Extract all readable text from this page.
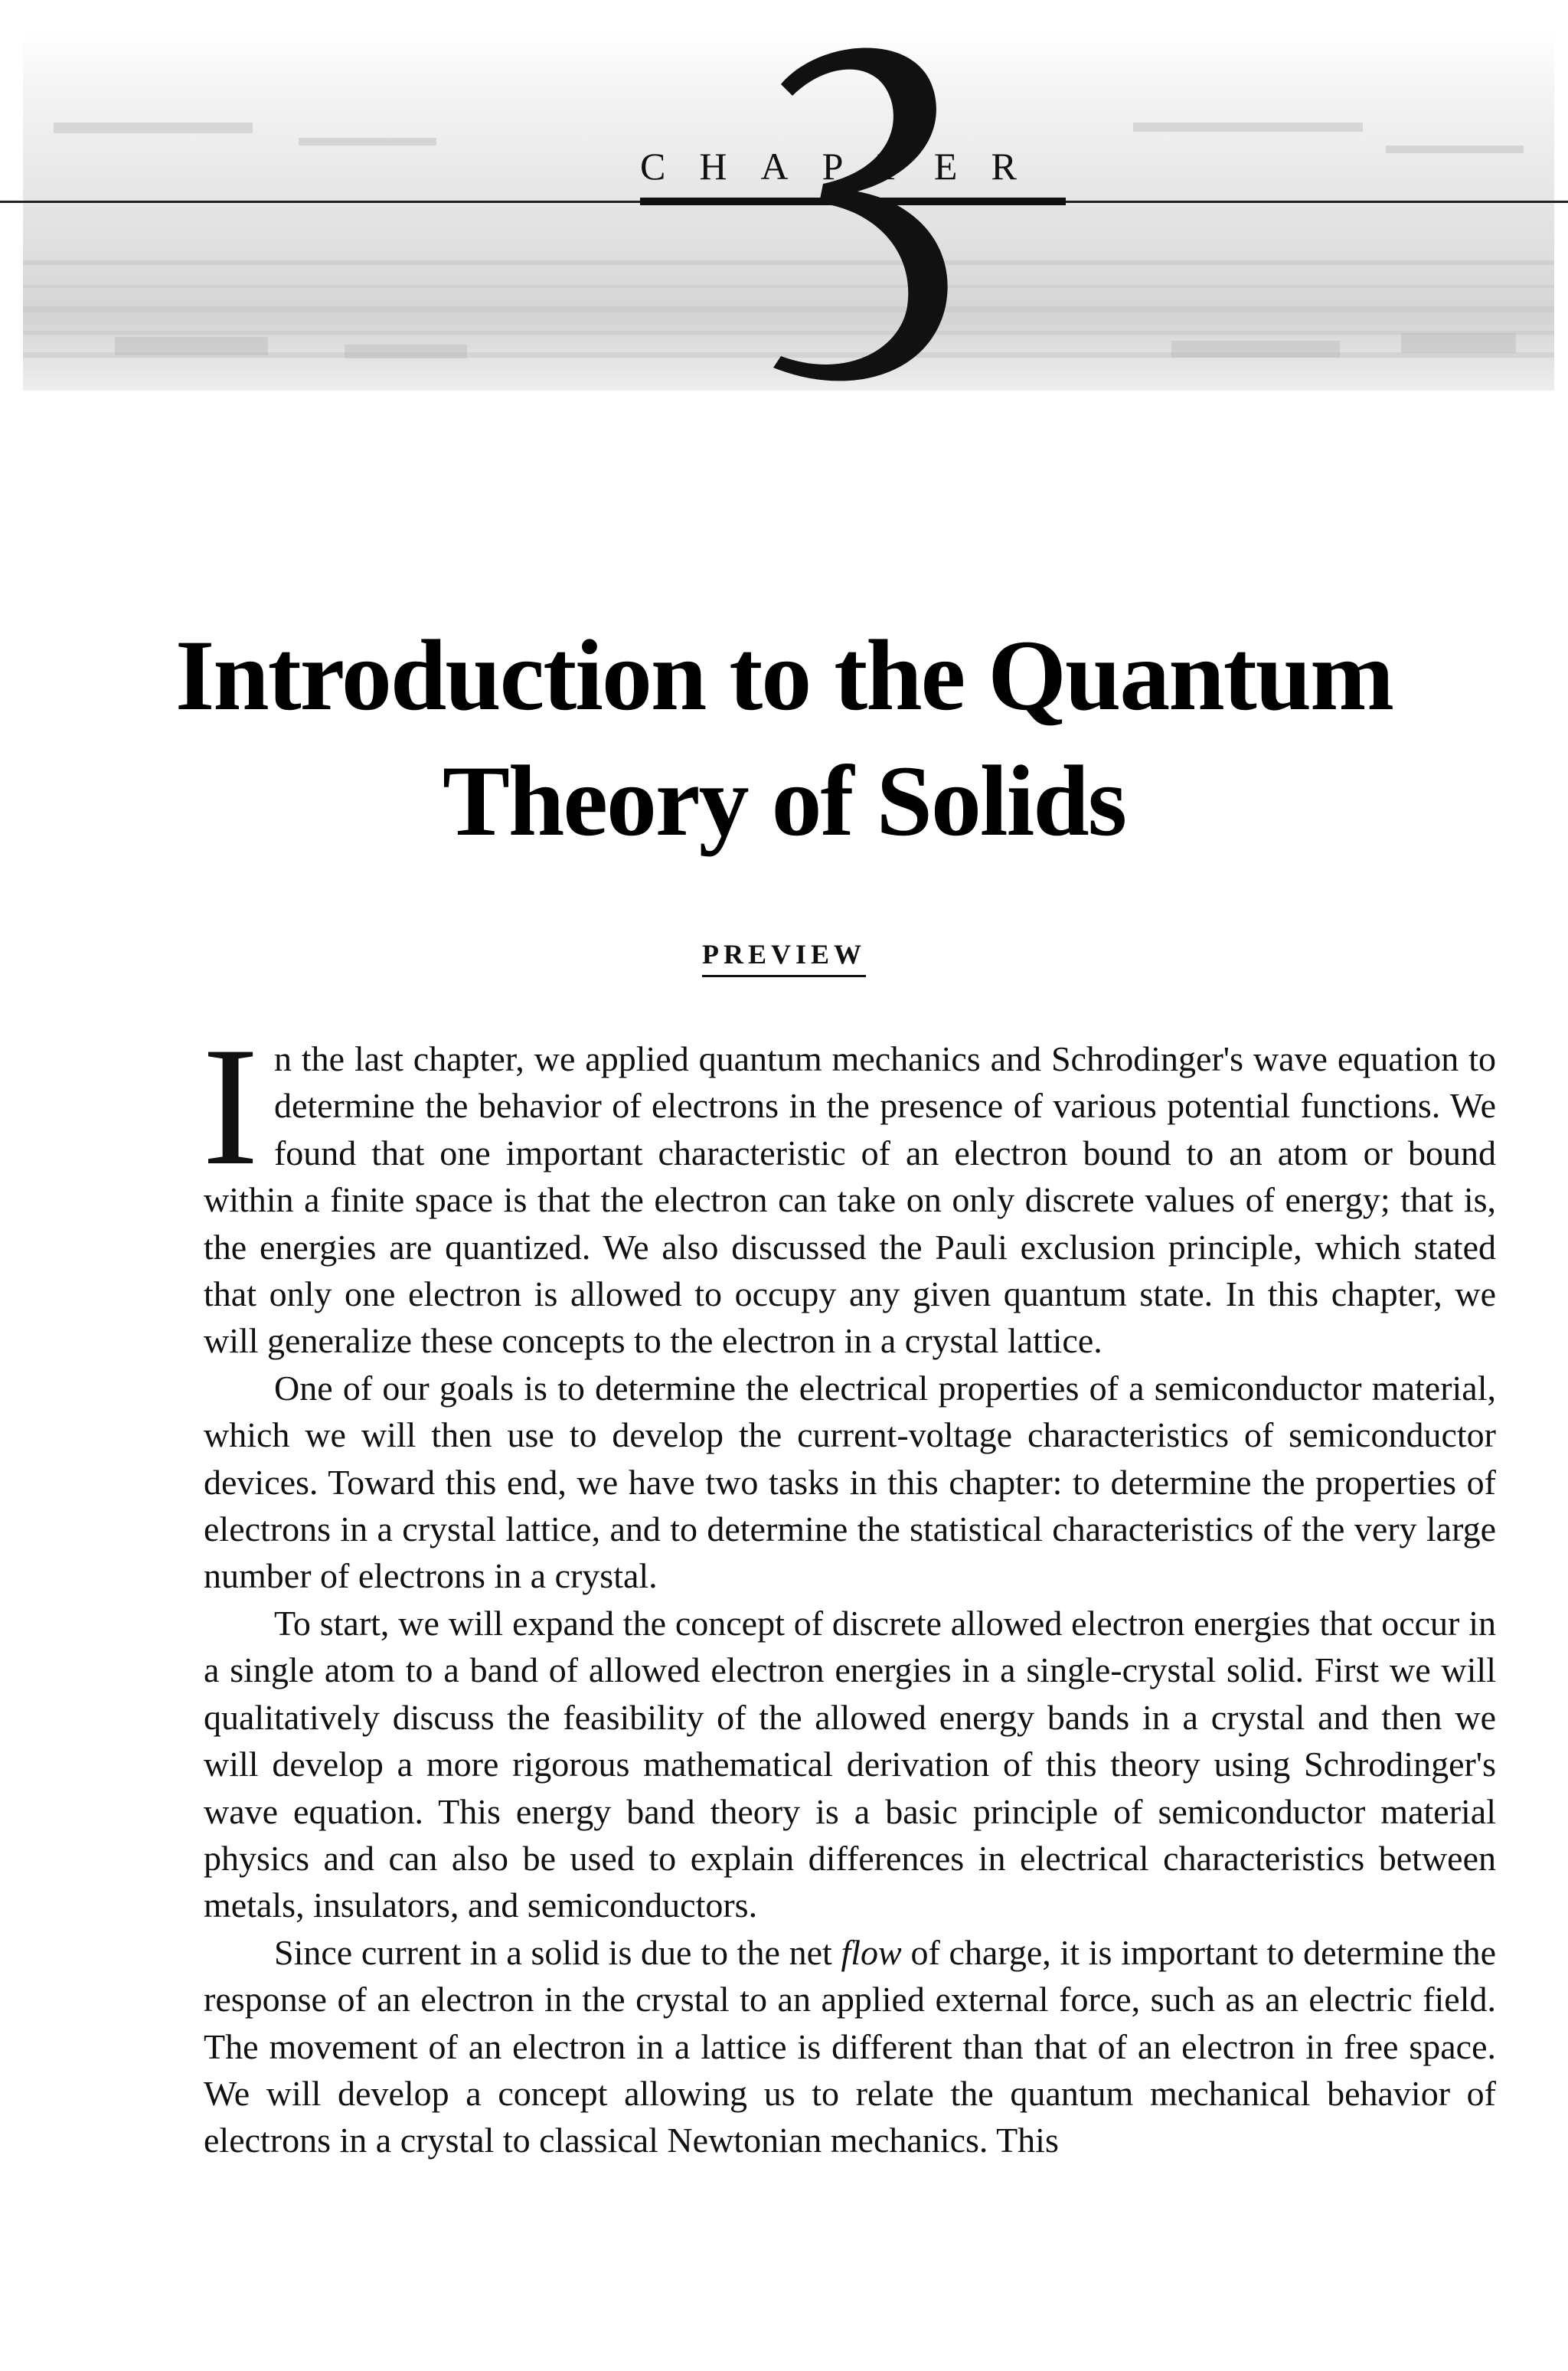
CHAPTER
Introduction to the Quantum
Theory of Solids
PREVIEW

In the last chapter, we applied quantum mechanics and Schrodinger's wave equation to determine the behavior of electrons in the presence of various potential functions. We found that one important characteristic of an electron bound to an atom or bound within a finite space is that the electron can take on only discrete values of energy; that is, the energies are quantized. We also discussed the Pauli exclusion principle, which stated that only one electron is allowed to occupy any given quantum state. In this chapter, we will generalize these concepts to the electron in a crystal lattice.

One of our goals is to determine the electrical properties of a semiconductor material, which we will then use to develop the current-voltage characteristics of semiconductor devices. Toward this end, we have two tasks in this chapter: to determine the properties of electrons in a crystal lattice, and to determine the statistical characteristics of the very large number of electrons in a crystal.

To start, we will expand the concept of discrete allowed electron energies that occur in a single atom to a band of allowed electron energies in a single-crystal solid. First we will qualitatively discuss the feasibility of the allowed energy bands in a crystal and then we will develop a more rigorous mathematical derivation of this theory using Schrodinger's wave equation. This energy band theory is a basic principle of semiconductor material physics and can also be used to explain differences in electrical characteristics between metals, insulators, and semiconductors.

Since current in a solid is due to the net flow of charge, it is important to determine the response of an electron in the crystal to an applied external force, such as an electric field. The movement of an electron in a lattice is different than that of an electron in free space. We will develop a concept allowing us to relate the quantum mechanical behavior of electrons in a crystal to classical Newtonian mechanics. This
